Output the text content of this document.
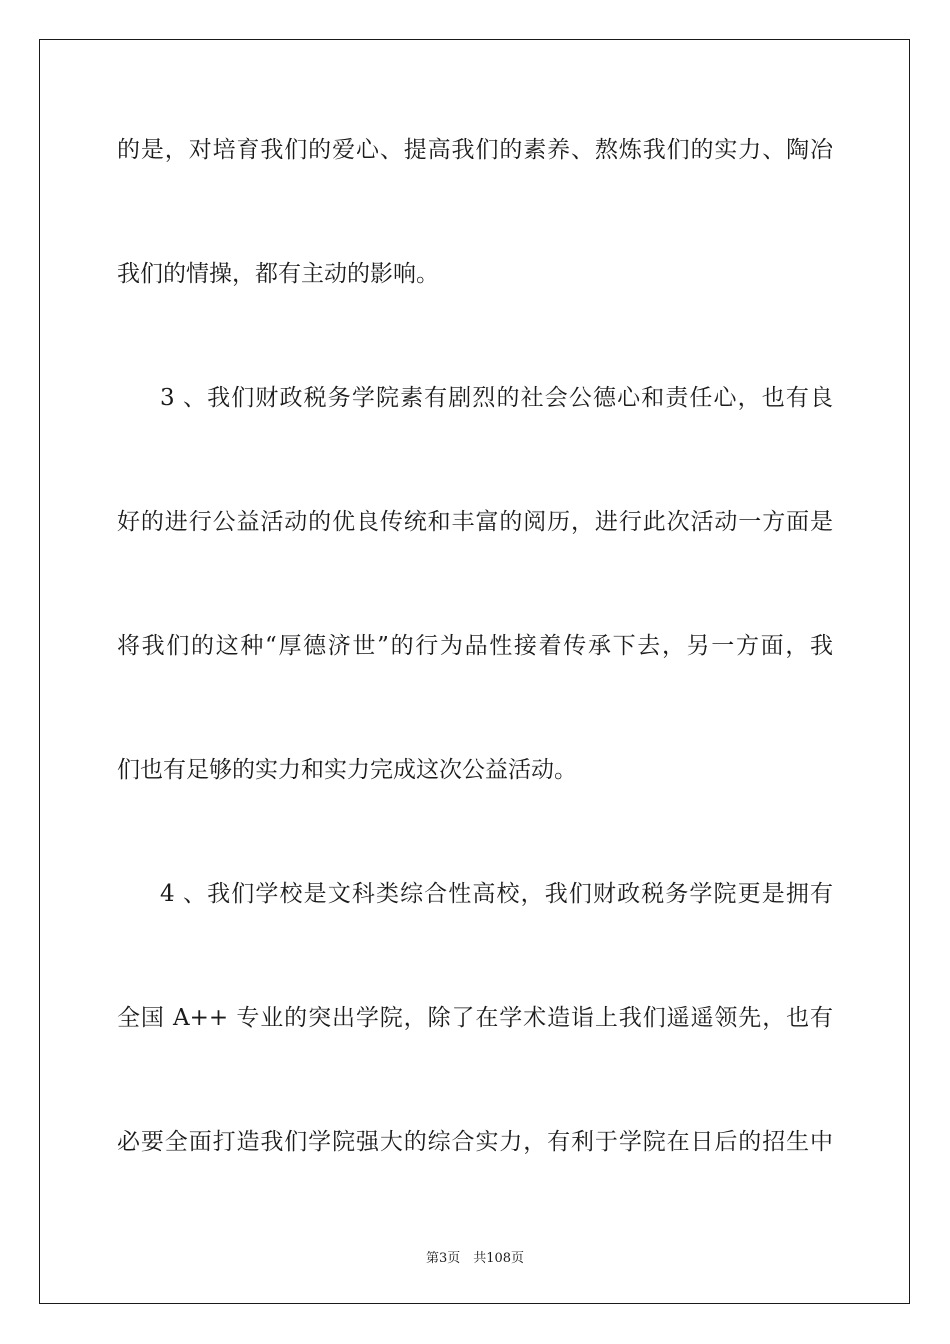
的是，对培育我们的爱心、提高我们的素养、熬炼我们的实力、陶冶
我们的情操，都有主动的影响。
3 、我们财政税务学院素有剧烈的社会公德心和责任心，也有良
好的进行公益活动的优良传统和丰富的阅历，进行此次活动一方面是
将我们的这种“厚德济世”的行为品性接着传承下去，另一方面，我
们也有足够的实力和实力完成这次公益活动。
4 、我们学校是文科类综合性高校，我们财政税务学院更是拥有
全国 A++ 专业的突出学院，除了在学术造诣上我们遥遥领先，也有
必要全面打造我们学院强大的综合实力，有利于学院在日后的招生中
第3页　共108页
